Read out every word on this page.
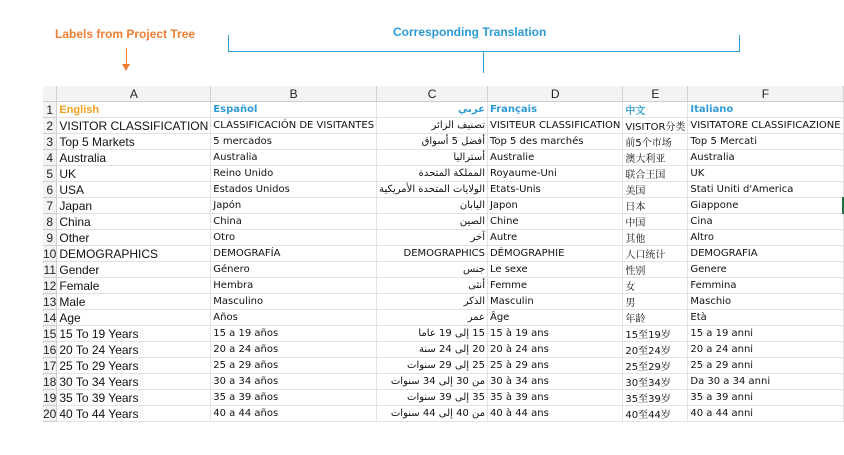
Labels from Project Tree	Corresponding Translation
	A	B	C	D	E	F
1	English	Español	عربي	Français	中文	Italiano
2	VISITOR CLASSIFICATION	CLASSIFICACIÓN DE VISITANTES	تصنيف الزائر	VISITEUR CLASSIFICATION	VISITOR分类	VISITATORE CLASSIFICAZIONE
3	Top 5 Markets	5 mercados	أفضل 5 أسواق	Top 5 des marchés	前5个市场	Top 5 Mercati
4	Australia	Australia	أستراليا	Australie	澳大利亚	Australia
5	UK	Reino Unido	المملكة المتحدة	Royaume-Uni	联合王国	UK
6	USA	Estados Unidos	الولايات المتحدة الأمريكية	Etats-Unis	美国	Stati Uniti d'America
7	Japan	Japón	اليابان	Japon	日本	Giappone
8	China	China	الصين	Chine	中国	Cina
9	Other	Otro	آخر	Autre	其他	Altro
10	DEMOGRAPHICS	DEMOGRAFÍA	DEMOGRAPHICS	DÉMOGRAPHIE	人口统计	DEMOGRAFIA
11	Gender	Género	جنس	Le sexe	性别	Genere
12	Female	Hembra	أنثى	Femme	女	Femmina
13	Male	Masculino	الذكر	Masculin	男	Maschio
14	Age	Años	عمر	Âge	年龄	Età
15	15 To 19 Years	15 a 19 años	15 إلى 19 عاما	15 à 19 ans	15至19岁	15 a 19 anni
16	20 To 24 Years	20 a 24 años	20 إلى 24 سنة	20 à 24 ans	20至24岁	20 a 24 anni
17	25 To 29 Years	25 a 29 años	25 إلى 29 سنوات	25 à 29 ans	25至29岁	25 a 29 anni
18	30 To 34 Years	30 a 34 años	من 30 إلى 34 سنوات	30 à 34 ans	30至34岁	Da 30 a 34 anni
19	35 To 39 Years	35 a 39 años	35 إلى 39 سنوات	35 à 39 ans	35至39岁	35 a 39 anni
20	40 To 44 Years	40 a 44 años	من 40 إلى 44 سنوات	40 à 44 ans	40至44岁	40 a 44 anni
